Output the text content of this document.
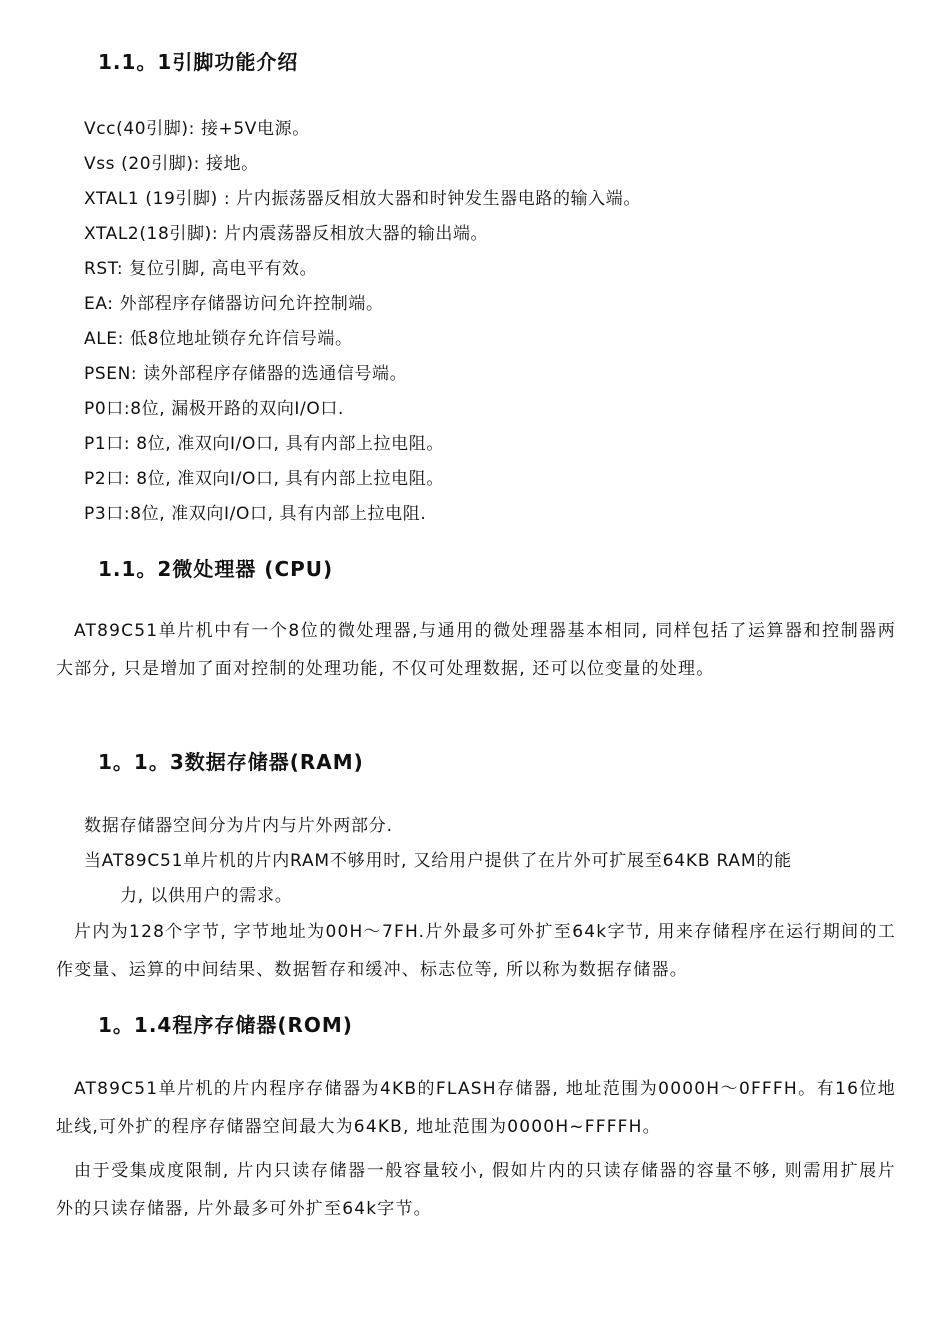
1.1。1引脚功能介绍
Vcc(40引脚): 接+5V电源。
Vss (20引脚): 接地。
XTAL1 (19引脚) : 片内振荡器反相放大器和时钟发生器电路的输入端。
XTAL2(18引脚): 片内震荡器反相放大器的输出端。
RST: 复位引脚, 高电平有效。
EA: 外部程序存储器访问允许控制端。
ALE: 低8位地址锁存允许信号端。
PSEN: 读外部程序存储器的选通信号端。
P0口:8位, 漏极开路的双向I/O口.
P1口: 8位, 准双向I/O口, 具有内部上拉电阻。
P2口: 8位, 准双向I/O口, 具有内部上拉电阻。
P3口:8位, 准双向I/O口, 具有内部上拉电阻.
1.1。2微处理器 (CPU)

AT89C51单片机中有一个8位的微处理器,与通用的微处理器基本相同, 同样包括了运算器和控制器两大部分, 只是增加了面对控制的处理功能, 不仅可处理数据, 还可以位变量的处理。

1。1。3数据存储器(RAM)

数据存储器空间分为片内与片外两部分.

当AT89C51单片机的片内RAM不够用时, 又给用户提供了在片外可扩展至64KB RAM的能

力, 以供用户的需求。

片内为128个字节, 字节地址为00H～7FH.片外最多可外扩至64k字节, 用来存储程序在运行期间的工作变量、运算的中间结果、数据暂存和缓冲、标志位等, 所以称为数据存储器。

1。1.4程序存储器(ROM)

AT89C51单片机的片内程序存储器为4KB的FLASH存储器, 地址范围为0000H～0FFFH。有16位地址线,可外扩的程序存储器空间最大为64KB, 地址范围为0000H~FFFFH。

由于受集成度限制, 片内只读存储器一般容量较小, 假如片内的只读存储器的容量不够, 则需用扩展片外的只读存储器, 片外最多可外扩至64k字节。
